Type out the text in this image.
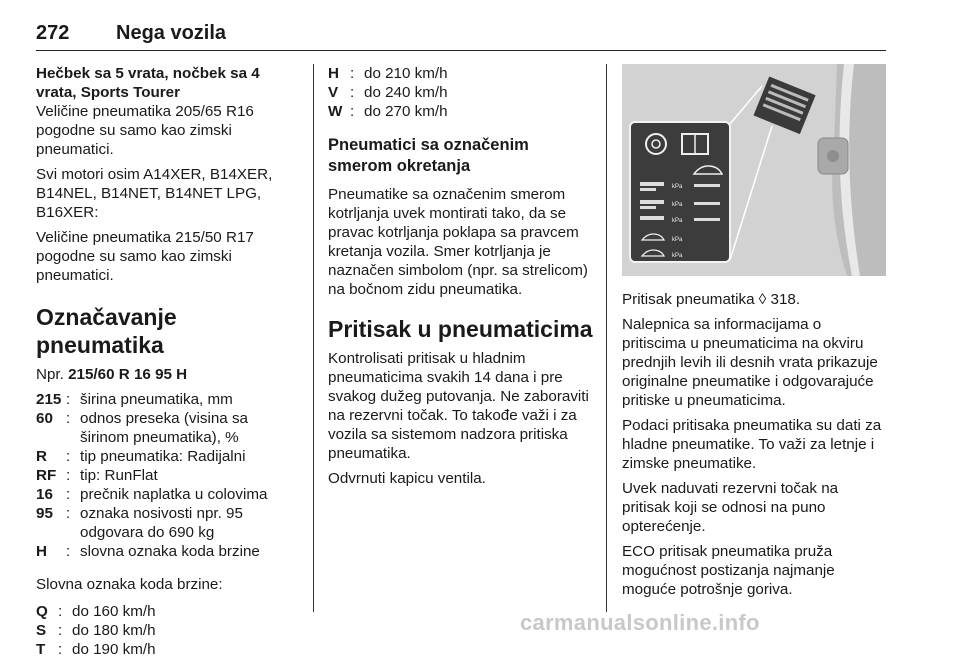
272 Nega vozila

Hečbek sa 5 vrata, nočbek sa 4 vrata, Sports Tourer

Veličine pneumatika 205/65 R16 pogodne su samo kao zimski pneumatici.

Svi motori osim A14XER, B14XER, B14NEL, B14NET, B14NET LPG, B16XER:

Veličine pneumatika 215/50 R17 pogodne su samo kao zimski pneumatici.

Označavanje pneumatika

Npr. 215/60 R 16 95 H

215 : širina pneumatika, mm
60 : odnos preseka (visina sa širinom pneumatika), %
R	: tip pneumatika: Radijalni
RF : tip: RunFlat
16 : prečnik naplatka u colovima
95 : oznaka nosivosti npr. 95 odgovara do 690 kg
H	: slovna oznaka koda brzine

Slovna oznaka koda brzine:

Q : do 160 km/h
S : do 180 km/h
T : do 190 km/h
H : do 210 km/h
V : do 240 km/h
W : do 270 km/h
Pneumatici sa označenim smerom okretanja

Pneumatike sa označenim smerom kotrljanja uvek montirati tako, da se pravac kotrljanja poklapa sa pravcem kretanja vozila. Smer kotrljanja je naznačen simbolom (npr. sa strelicom) na bočnom zidu pneumatika.

Pritisak u pneumaticima

Kontrolisati pritisak u hladnim pneumaticima svakih 14 dana i pre svakog dužeg putovanja. Ne zaboraviti na rezervni točak. To takođe važi i za vozila sa sistemom nadzora pritiska pneumatika.

Odvrnuti kapicu ventila.

kPa
kPa
kPa
kPa
kPa

Pritisak pneumatika ◊ 318.

Nalepnica sa informacijama o pritiscima u pneumaticima na okviru prednjih levih ili desnih vrata prikazuje originalne pneumatike i odgovarajuće pritiske u pneumaticima.

Podaci pritisaka pneumatika su dati za hladne pneumatike. To važi za letnje i zimske pneumatike.

Uvek naduvati rezervni točak na pritisak koji se odnosi na puno opterećenje.

ECO pritisak pneumatika pruža mogućnost postizanja najmanje moguće potrošnje goriva.

carmanualsonline.info
